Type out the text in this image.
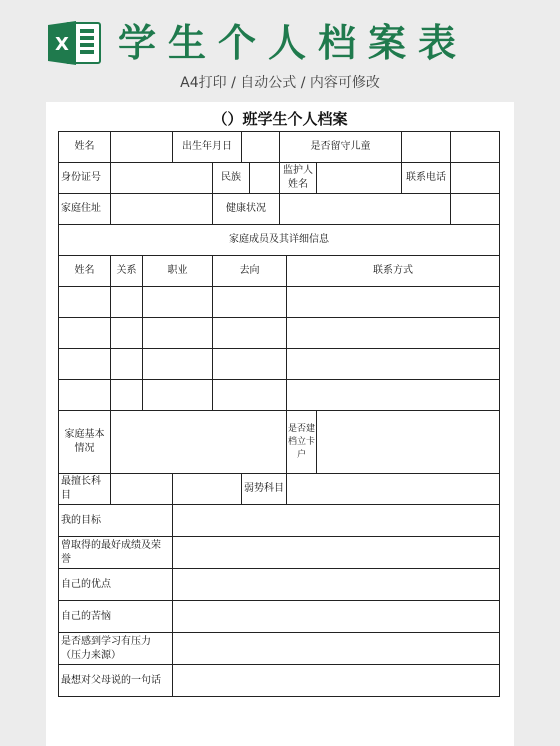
X 学生个人档案表
A4打印 / 自动公式 / 内容可修改
（）班学生个人档案
姓名			出生年月日				是否留守儿童				
身份证号				民族			监护人姓名			联系电话	
家庭住址				健康状况							
家庭成员及其详细信息											
姓名	关系	职业		去向				联系方式			

家庭基本情况								是否建档立卡户			
最擅长科目					弱势科目						
我的目标											
曾取得的最好成绩及荣誉											
自己的优点											
自己的苦恼											
是否感到学习有压力（压力来源）											
最想对父母说的一句话											
